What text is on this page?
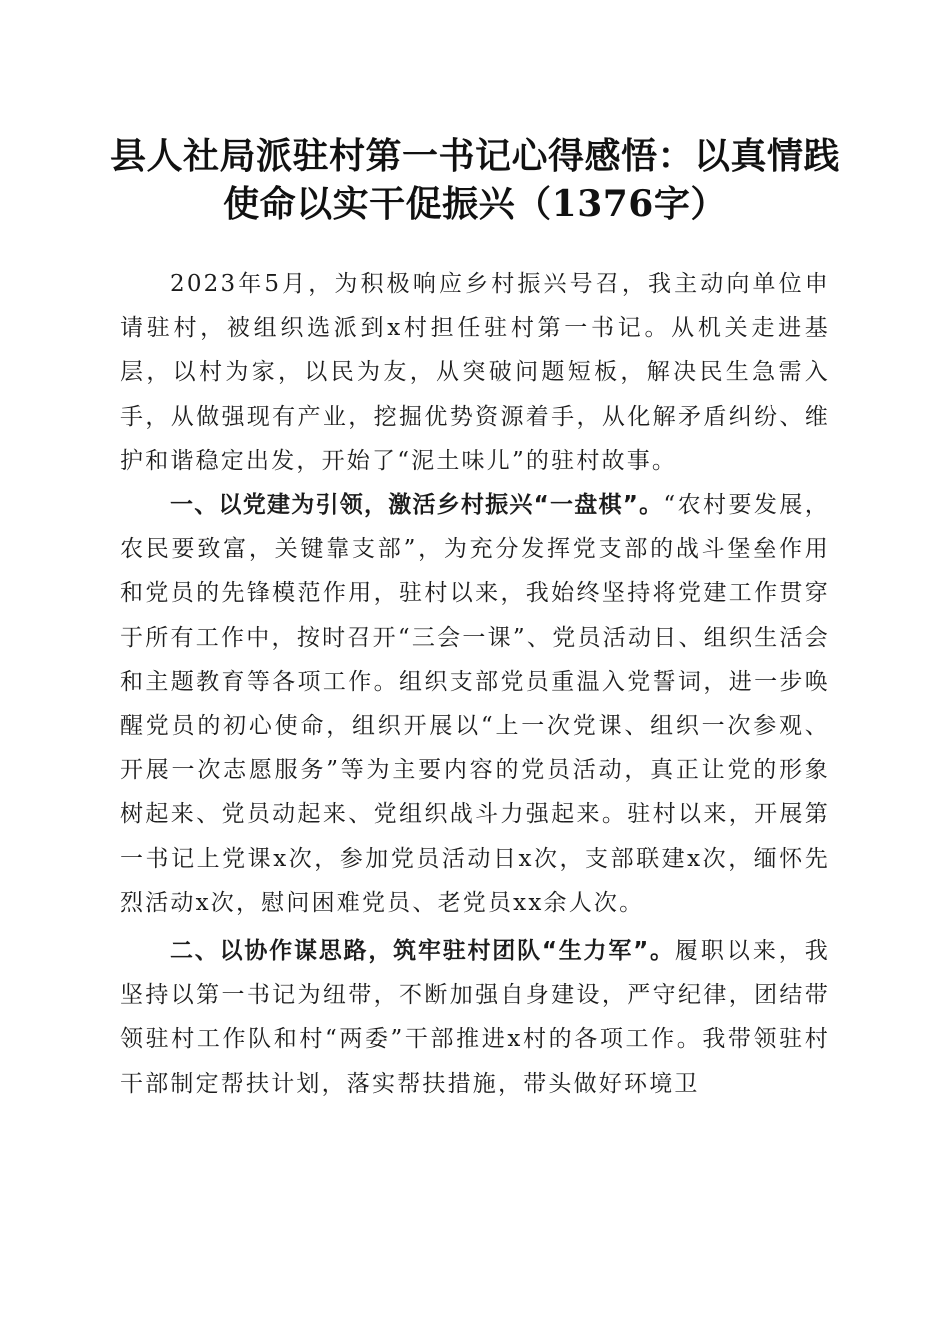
县人社局派驻村第一书记心得感悟：以真情践
使命以实干促振兴（1376字）

2023年5月，为积极响应乡村振兴号召，我主动向单位申请驻村，被组织选派到x村担任驻村第一书记。从机关走进基层，以村为家，以民为友，从突破问题短板，解决民生急需入手，从做强现有产业，挖掘优势资源着手，从化解矛盾纠纷、维护和谐稳定出发，开始了“泥土味儿”的驻村故事。

一、以党建为引领，激活乡村振兴“一盘棋”。“农村要发展，农民要致富，关键靠支部”，为充分发挥党支部的战斗堡垒作用和党员的先锋模范作用，驻村以来，我始终坚持将党建工作贯穿于所有工作中，按时召开“三会一课”、党员活动日、组织生活会和主题教育等各项工作。组织支部党员重温入党誓词，进一步唤醒党员的初心使命，组织开展以“上一次党课、组织一次参观、开展一次志愿服务”等为主要内容的党员活动，真正让党的形象树起来、党员动起来、党组织战斗力强起来。驻村以来，开展第一书记上党课x次，参加党员活动日x次，支部联建x次，缅怀先烈活动x次，慰问困难党员、老党员xx余人次。

二、以协作谋思路，筑牢驻村团队“生力军”。履职以来，我坚持以第一书记为纽带，不断加强自身建设，严守纪律，团结带领驻村工作队和村“两委”干部推进x村的各项工作。我带领驻村干部制定帮扶计划，落实帮扶措施，带头做好环境卫
